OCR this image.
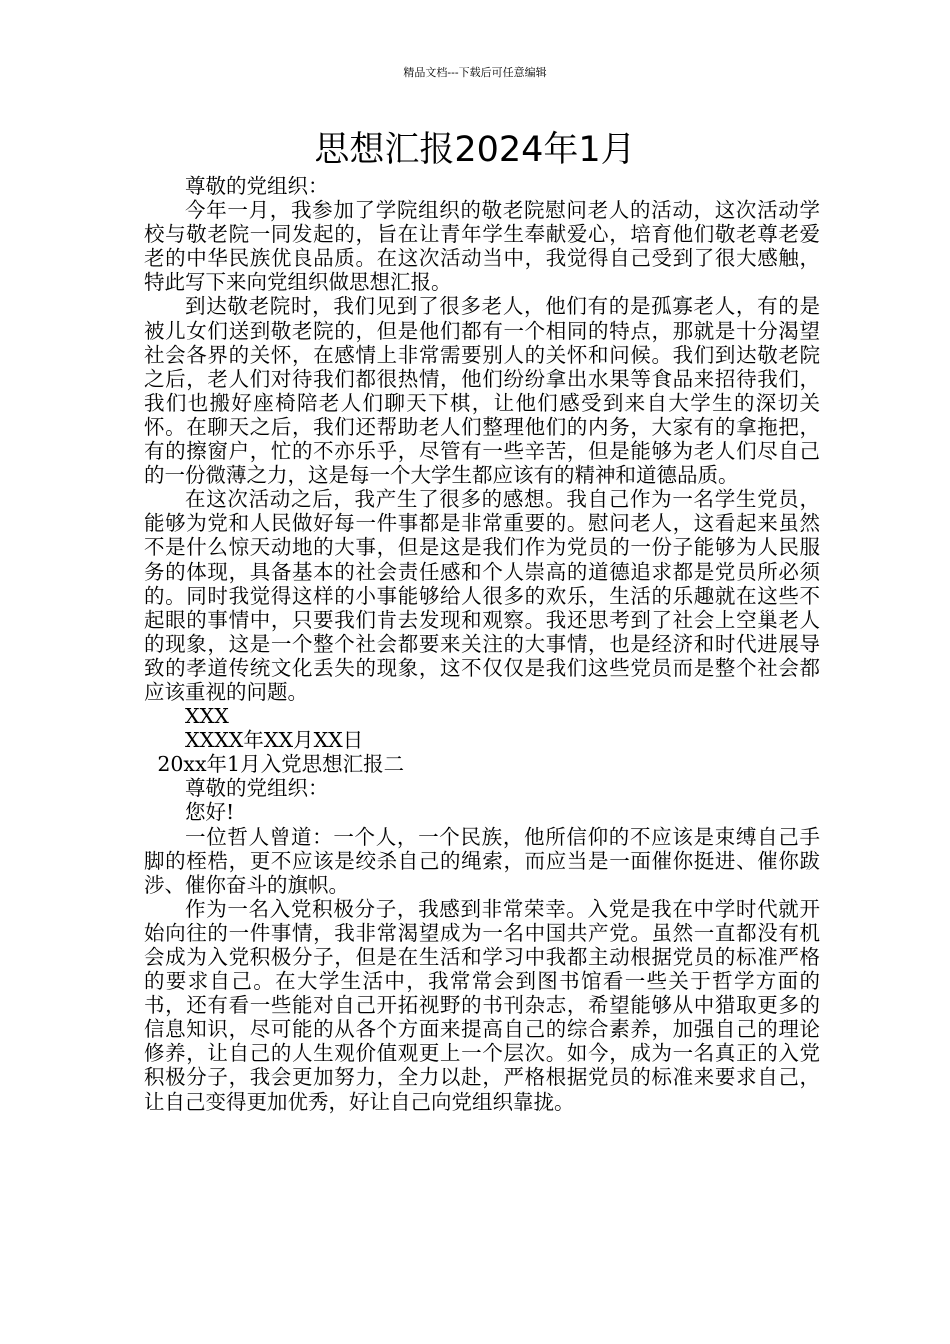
精品文档---下载后可任意编辑
思想汇报2024年1月

尊敬的党组织：

今年一月，我参加了学院组织的敬老院慰问老人的活动，这次活动学校与敬老院一同发起的，旨在让青年学生奉献爱心，培育他们敬老尊老爱老的中华民族优良品质。在这次活动当中，我觉得自己受到了很大感触，特此写下来向党组织做思想汇报。

到达敬老院时，我们见到了很多老人，他们有的是孤寡老人，有的是被儿女们送到敬老院的，但是他们都有一个相同的特点，那就是十分渴望社会各界的关怀，在感情上非常需要别人的关怀和问候。我们到达敬老院之后，老人们对待我们都很热情，他们纷纷拿出水果等食品来招待我们，我们也搬好座椅陪老人们聊天下棋，让他们感受到来自大学生的深切关怀。在聊天之后，我们还帮助老人们整理他们的内务，大家有的拿拖把，有的擦窗户，忙的不亦乐乎，尽管有一些辛苦，但是能够为老人们尽自己的一份微薄之力，这是每一个大学生都应该有的精神和道德品质。

在这次活动之后，我产生了很多的感想。我自己作为一名学生党员，能够为党和人民做好每一件事都是非常重要的。慰问老人，这看起来虽然不是什么惊天动地的大事，但是这是我们作为党员的一份子能够为人民服务的体现，具备基本的社会责任感和个人崇高的道德追求都是党员所必须的。同时我觉得这样的小事能够给人很多的欢乐，生活的乐趣就在这些不起眼的事情中，只要我们肯去发现和观察。我还思考到了社会上空巢老人的现象，这是一个整个社会都要来关注的大事情，也是经济和时代进展导致的孝道传统文化丢失的现象，这不仅仅是我们这些党员而是整个社会都应该重视的问题。

XXX

XXXX年XX月XX日

20xx年1月入党思想汇报二

尊敬的党组织：

您好!

一位哲人曾道：一个人，一个民族，他所信仰的不应该是束缚自己手脚的桎梏，更不应该是绞杀自己的绳索，而应当是一面催你挺进、催你跋涉、催你奋斗的旗帜。

作为一名入党积极分子，我感到非常荣幸。入党是我在中学时代就开始向往的一件事情，我非常渴望成为一名中国共产党。虽然一直都没有机会成为入党积极分子，但是在生活和学习中我都主动根据党员的标准严格的要求自己。在大学生活中，我常常会到图书馆看一些关于哲学方面的书，还有看一些能对自己开拓视野的书刊杂志，希望能够从中猎取更多的信息知识，尽可能的从各个方面来提高自己的综合素养，加强自己的理论修养，让自己的人生观价值观更上一个层次。如今，成为一名真正的入党积极分子，我会更加努力，全力以赴，严格根据党员的标准来要求自己，让自己变得更加优秀，好让自己向党组织靠拢。
